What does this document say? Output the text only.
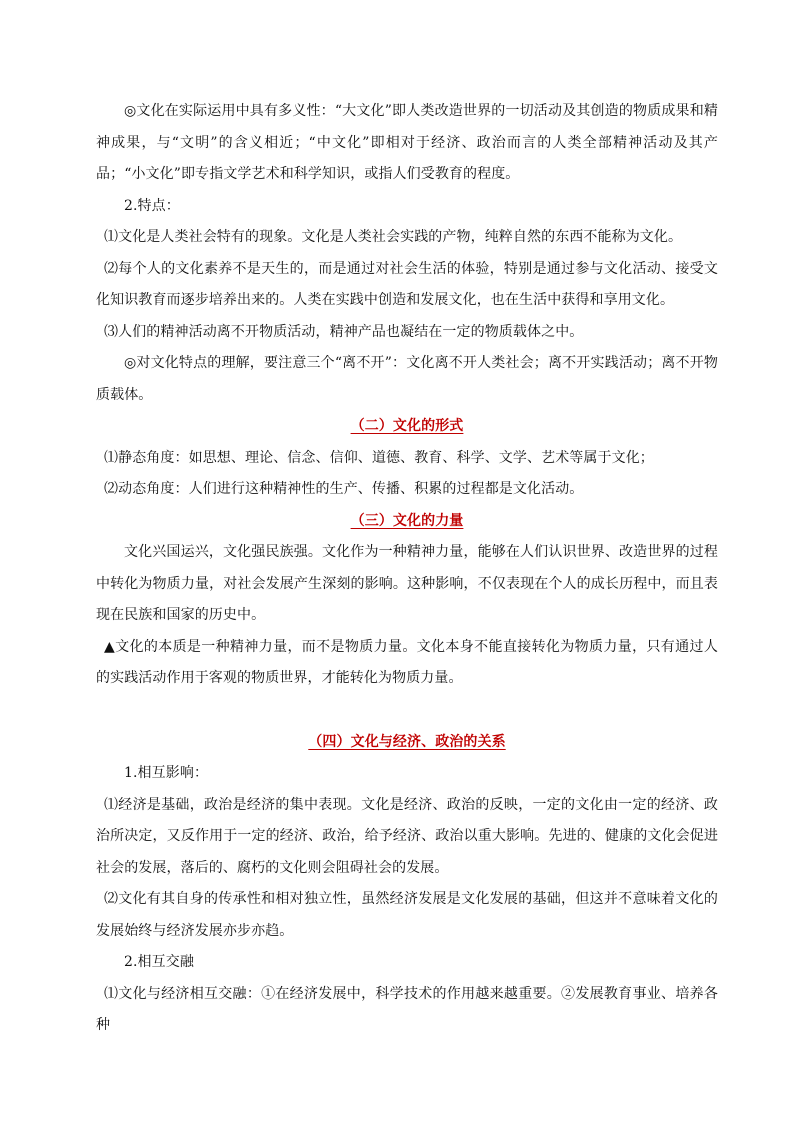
◎文化在实际运用中具有多义性：“大文化”即人类改造世界的一切活动及其创造的物质成果和精神成果，与“文明”的含义相近；“中文化”即相对于经济、政治而言的人类全部精神活动及其产品；“小文化”即专指文学艺术和科学知识，或指人们受教育的程度。

2.特点：

⑴文化是人类社会特有的现象。文化是人类社会实践的产物，纯粹自然的东西不能称为文化。

⑵每个人的文化素养不是天生的，而是通过对社会生活的体验，特别是通过参与文化活动、接受文化知识教育而逐步培养出来的。人类在实践中创造和发展文化，也在生活中获得和享用文化。

⑶人们的精神活动离不开物质活动，精神产品也凝结在一定的物质载体之中。

◎对文化特点的理解，要注意三个“离不开”：文化离不开人类社会；离不开实践活动；离不开物质载体。

（二）文化的形式

⑴静态角度：如思想、理论、信念、信仰、道德、教育、科学、文学、艺术等属于文化；

⑵动态角度：人们进行这种精神性的生产、传播、积累的过程都是文化活动。

（三）文化的力量

文化兴国运兴，文化强民族强。文化作为一种精神力量，能够在人们认识世界、改造世界的过程中转化为物质力量，对社会发展产生深刻的影响。这种影响，不仅表现在个人的成长历程中，而且表现在民族和国家的历史中。

▲文化的本质是一种精神力量，而不是物质力量。文化本身不能直接转化为物质力量，只有通过人的实践活动作用于客观的物质世界，才能转化为物质力量。

（四）文化与经济、政治的关系

1.相互影响：

⑴经济是基础，政治是经济的集中表现。文化是经济、政治的反映，一定的文化由一定的经济、政治所决定，又反作用于一定的经济、政治，给予经济、政治以重大影响。先进的、健康的文化会促进社会的发展，落后的、腐朽的文化则会阻碍社会的发展。

⑵文化有其自身的传承性和相对独立性，虽然经济发展是文化发展的基础，但这并不意味着文化的发展始终与经济发展亦步亦趋。

2.相互交融

⑴文化与经济相互交融：①在经济发展中，科学技术的作用越来越重要。②发展教育事业、培养各种
